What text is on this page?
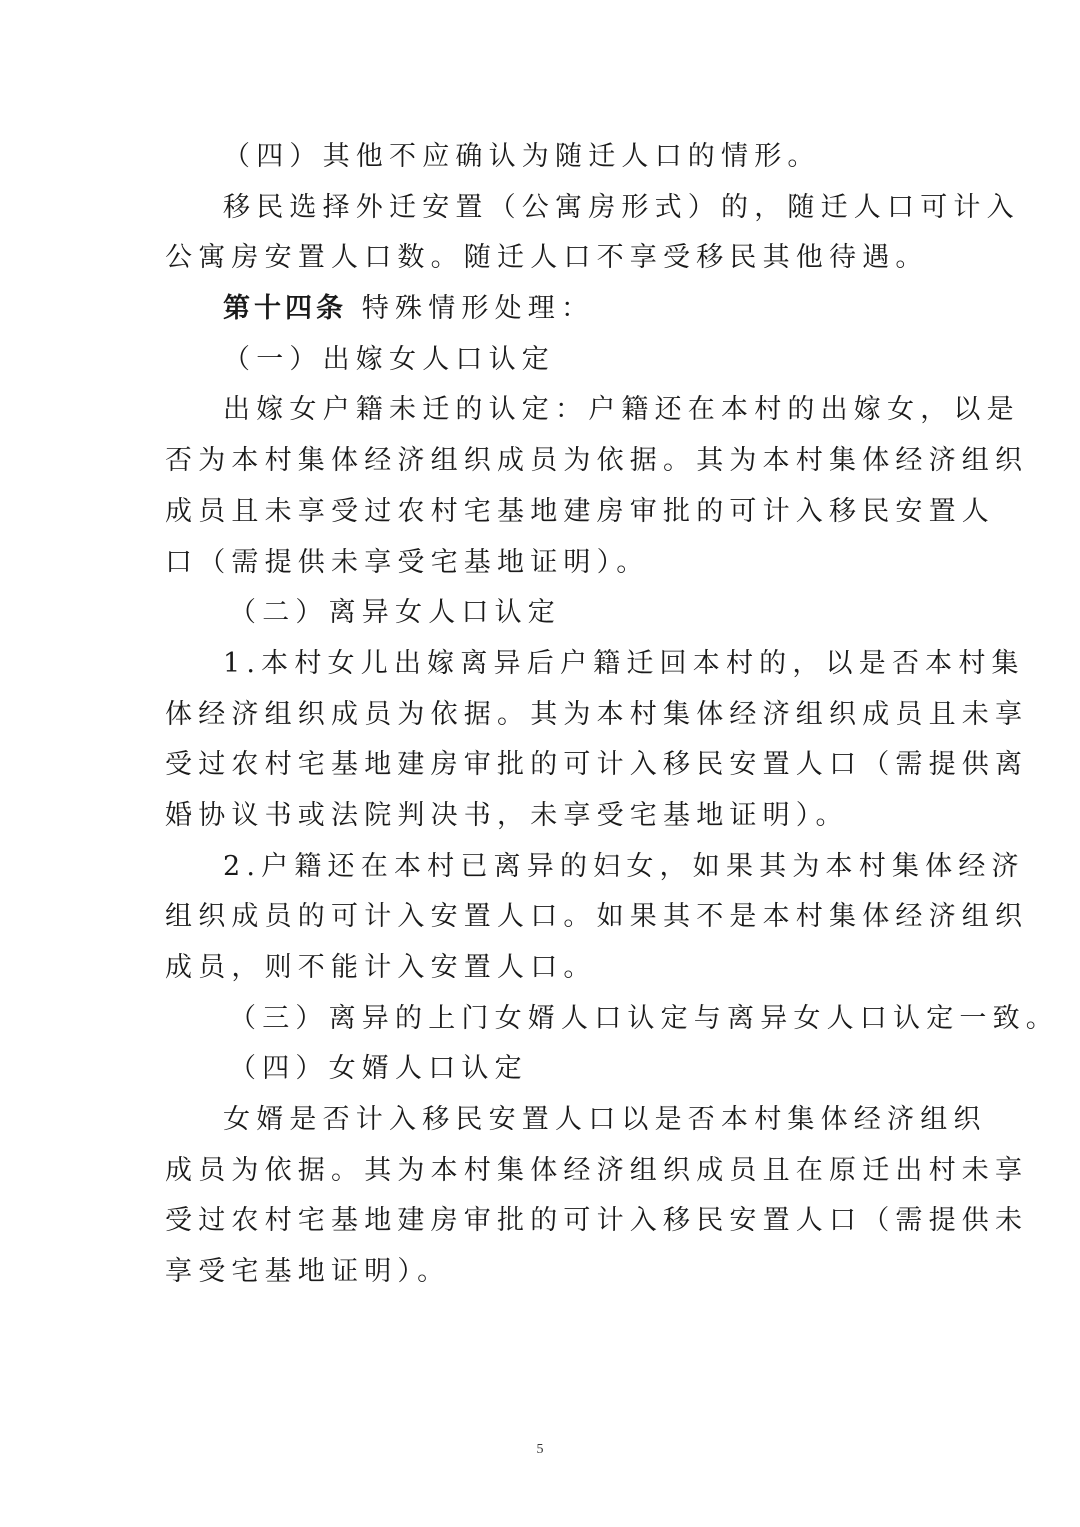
（四）其他不应确认为随迁人口的情形。
移民选择外迁安置（公寓房形式）的，随迁人口可计入
公寓房安置人口数。随迁人口不享受移民其他待遇。
第十四条 特殊情形处理：
（一）出嫁女人口认定
出嫁女户籍未迁的认定：户籍还在本村的出嫁女，以是
否为本村集体经济组织成员为依据。其为本村集体经济组织
成员且未享受过农村宅基地建房审批的可计入移民安置人
口（需提供未享受宅基地证明）。
（二）离异女人口认定
1.本村女儿出嫁离异后户籍迁回本村的，以是否本村集
体经济组织成员为依据。其为本村集体经济组织成员且未享
受过农村宅基地建房审批的可计入移民安置人口（需提供离
婚协议书或法院判决书，未享受宅基地证明）。
2.户籍还在本村已离异的妇女，如果其为本村集体经济
组织成员的可计入安置人口。如果其不是本村集体经济组织
成员，则不能计入安置人口。
（三）离异的上门女婿人口认定与离异女人口认定一致。
（四）女婿人口认定
女婿是否计入移民安置人口以是否本村集体经济组织
成员为依据。其为本村集体经济组织成员且在原迁出村未享
受过农村宅基地建房审批的可计入移民安置人口（需提供未
享受宅基地证明）。
5
